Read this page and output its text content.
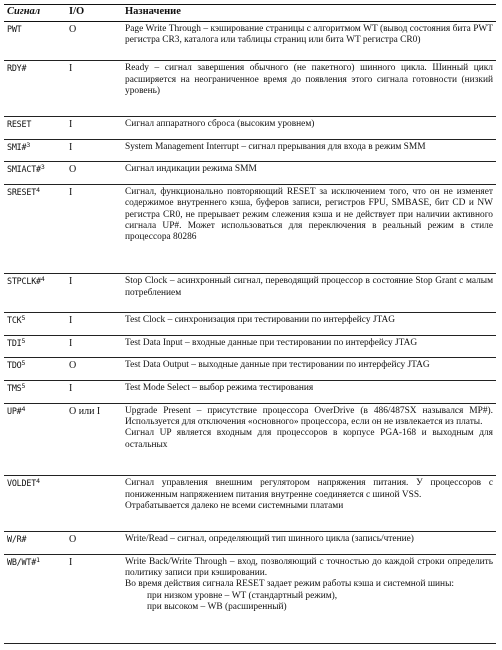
Сигнал	I/O	Назначение
PWT	O	Page Write Through – кэширование страницы с алгоритмом WT (вывод состояния бита PWT регистра CR3, каталога или таблицы страниц или бита WT регистра CR0)

RDY#	I	Ready – сигнал завершения обычного (не пакетного) шинного цикла. Шинный цикл расширяется на неограниченное время до появления этого сигнала готовности (низкий уровень)

RESET	I	Сигнал аппаратного сброса (высоким уровнем)

SMI#$^3$	I	System Management Interrupt – сигнал прерывания для входа в режим SMM

SMIACT#$^3$	O	Сигнал индикации режима SMM

SRESET$^4$	I	Сигнал, функционально повторяющий RESET за исключением того, что он не изменяет содержимое внутреннего кэша, буферов записи, регистров FPU, SMBASE, бит CD и NW регистра CR0, не прерывает режим слежения кэша и не действует при наличии активного сигнала UP#. Может использоваться для переключения в реальный режим в стиле процессора 80286

STPCLK#$^4$	I	Stop Clock – асинхронный сигнал, переводящий процессор в состояние Stop Grant с малым потреблением

TCK$^5$	I	Test Clock – синхронизация при тестировании по интерфейсу JTAG

TDI$^5$	I	Test Data Input – входные данные при тестировании по интерфейсу JTAG

TDO$^5$	O	Test Data Output – выходные данные при тестировании по интерфейсу JTAG

TMS$^5$	I	Test Mode Select – выбор режима тестирования

UP#$^4$	O или I	Upgrade Present – присутствие процессора OverDrive (в 486/487SX назывался MP#). Используется для отключения «основного» процессора, если он не извлекается из платы.

Сигнал UP является входным для процессоров в корпусе PGA-168 и выходным для остальных

VOLDET$^4$		Сигнал управления внешним регулятором напряжения питания. У процессоров с пониженным напряжением питания внутренне соединяется с шиной VSS.

Отрабатывается далеко не всеми системными платами

W/R#	O	Write/Read – сигнал, определяющий тип шинного цикла (запись/чтение)

WB/WT#$^1$	I	Write Back/Write Through – вход, позволяющий с точностью до каждой строки определить политику записи при кэшировании.

Во время действия сигнала RESET задает режим работы кэша и системной шины:

при низком уровне – WT (стандартный режим),

при высоком – WB (расширенный)
